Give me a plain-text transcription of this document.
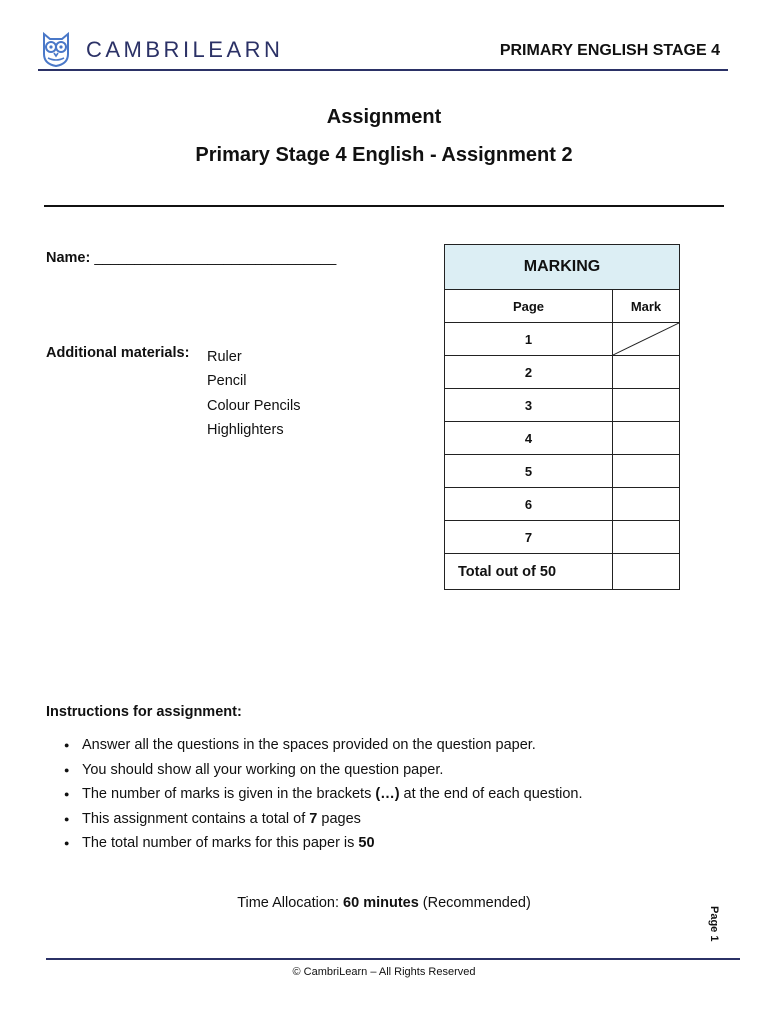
CAMBRILEARN	PRIMARY ENGLISH STAGE 4
Assignment
Primary Stage 4 English - Assignment 2
Name: ______________________________
Additional materials: Ruler
Pencil
Colour Pencils
Highlighters
MARKING	
Page	Mark
1	

2	
3	
4	
5	
6	
7	
Total out of 50	
Instructions for assignment:
● Answer all the questions in the spaces provided on the question paper.
● You should show all your working on the question paper.
● The number of marks is given in the brackets (…) at the end of each question.
● This assignment contains a total of 7 pages
● The total number of marks for this paper is 50
Time Allocation: 60 minutes (Recommended)
Page 1
© CambriLearn – All Rights Reserved
